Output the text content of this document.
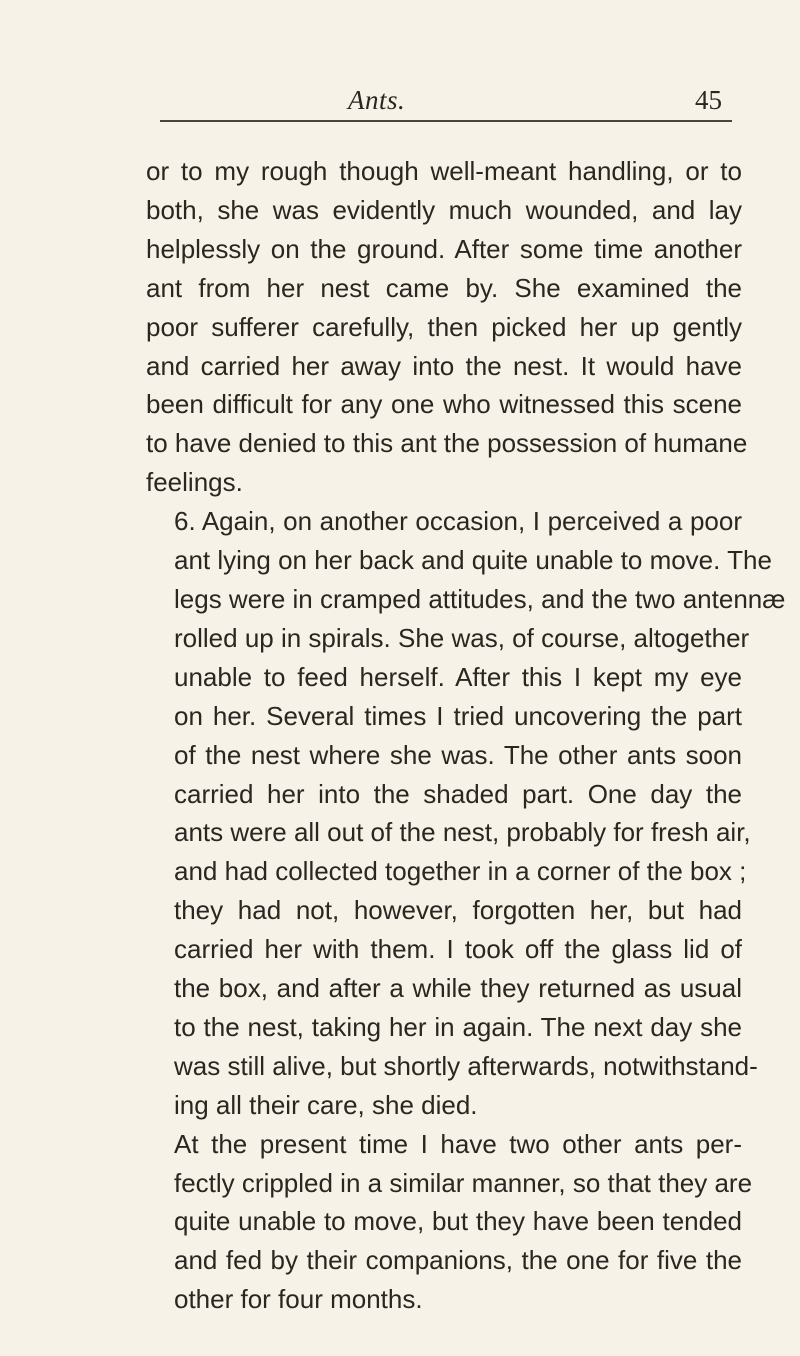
Ants.	45

or to my rough though well-meant handling, or to
both, she was evidently much wounded, and lay
helplessly on the ground. After some time another
ant from her nest came by. She examined the
poor sufferer carefully, then picked her up gently
and carried her away into the nest. It would have
been difficult for any one who witnessed this scene
to have denied to this ant the possession of humane
feelings.

6. Again, on another occasion, I perceived a poor
ant lying on her back and quite unable to move. The
legs were in cramped attitudes, and the two antennæ
rolled up in spirals. She was, of course, altogether
unable to feed herself. After this I kept my eye
on her. Several times I tried uncovering the part
of the nest where she was. The other ants soon
carried her into the shaded part. One day the
ants were all out of the nest, probably for fresh air,
and had collected together in a corner of the box ;
they had not, however, forgotten her, but had
carried her with them. I took off the glass lid of
the box, and after a while they returned as usual
to the nest, taking her in again. The next day she
was still alive, but shortly afterwards, notwithstand-
ing all their care, she died.

At the present time I have two other ants per-
fectly crippled in a similar manner, so that they are
quite unable to move, but they have been tended
and fed by their companions, the one for five the
other for four months.
